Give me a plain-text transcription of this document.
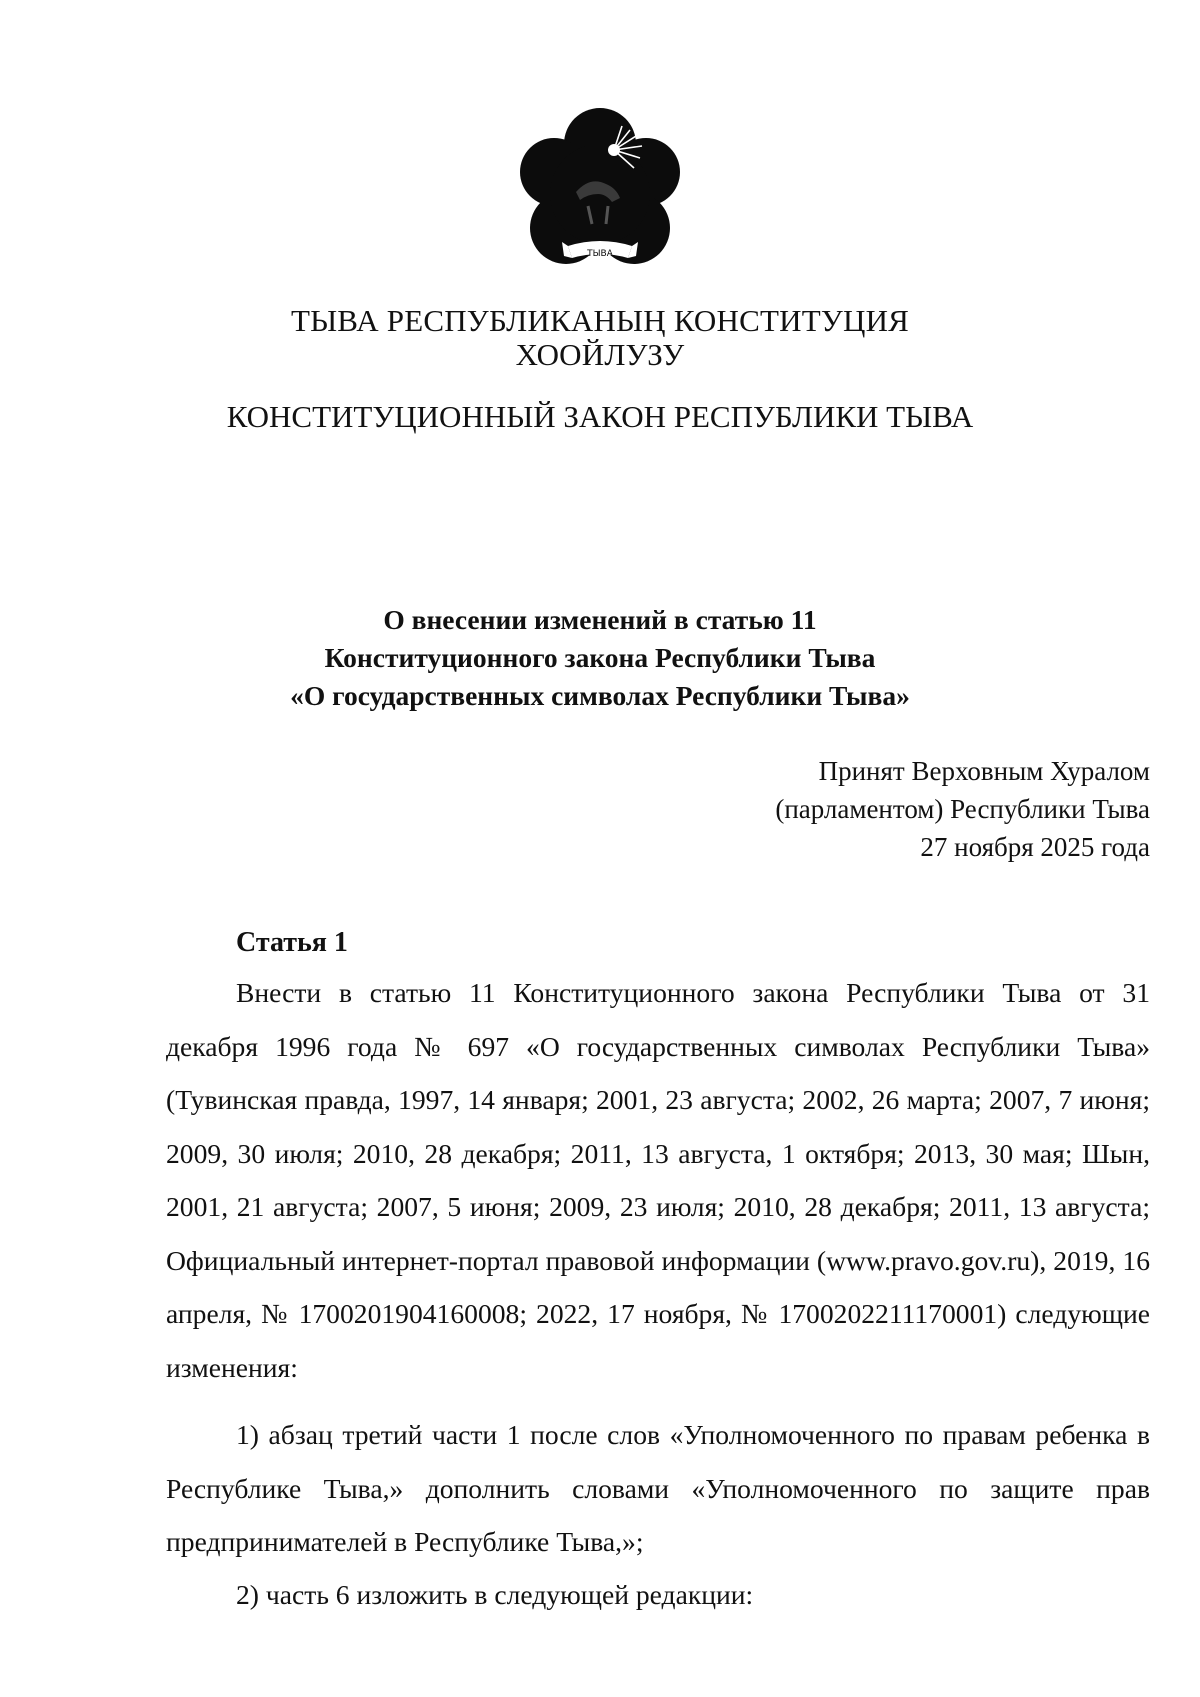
ТЫВА
ТЫВА РЕСПУБЛИКАНЫҢ КОНСТИТУЦИЯ
ХООЙЛУЗУ
КОНСТИТУЦИОННЫЙ ЗАКОН РЕСПУБЛИКИ ТЫВА
О внесении изменений в статью 11
Конституционного закона Республики Тыва
«О государственных символах Республики Тыва»
Принят Верховным Хуралом
(парламентом) Республики Тыва
27 ноября 2025 года
Статья 1

Внести в статью 11 Конституционного закона Республики Тыва от 31 декабря 1996 года № 697 «О государственных символах Республики Тыва» (Тувинская правда, 1997, 14 января; 2001, 23 августа; 2002, 26 марта; 2007, 7 июня; 2009, 30 июля; 2010, 28 декабря; 2011, 13 августа, 1 октября; 2013, 30 мая; Шын, 2001, 21 августа; 2007, 5 июня; 2009, 23 июля; 2010, 28 декабря; 2011, 13 августа; Официальный интернет-портал правовой информации (www.pravo.gov.ru), 2019, 16 апреля, № 1700201904160008; 2022, 17 ноября, № 1700202211170001) следующие изменения:

1) абзац третий части 1 после слов «Уполномоченного по правам ребенка в Республике Тыва,» дополнить словами «Уполномоченного по защите прав предпринимателей в Республике Тыва,»;

2) часть 6 изложить в следующей редакции:
